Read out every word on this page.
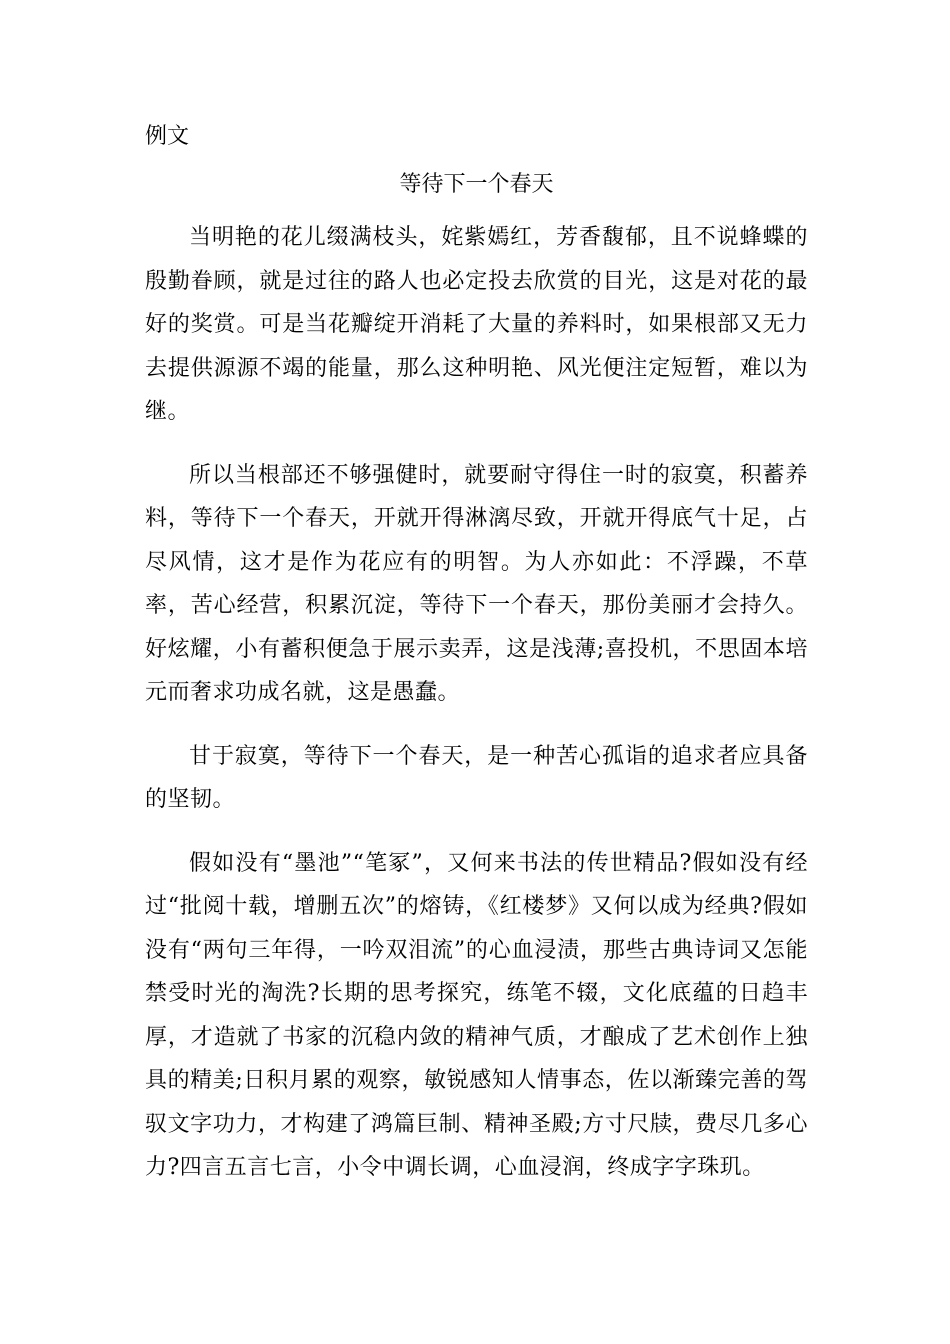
例文
等待下一个春天

当明艳的花儿缀满枝头，姹紫嫣红，芳香馥郁，且不说蜂蝶的殷勤眷顾，就是过往的路人也必定投去欣赏的目光，这是对花的最好的奖赏。可是当花瓣绽开消耗了大量的养料时，如果根部又无力去提供源源不竭的能量，那么这种明艳、风光便注定短暂，难以为继。

所以当根部还不够强健时，就要耐守得住一时的寂寞，积蓄养料，等待下一个春天，开就开得淋漓尽致，开就开得底气十足，占尽风情，这才是作为花应有的明智。为人亦如此：不浮躁，不草率，苦心经营，积累沉淀，等待下一个春天，那份美丽才会持久。好炫耀，小有蓄积便急于展示卖弄，这是浅薄;喜投机，不思固本培元而奢求功成名就，这是愚蠢。

甘于寂寞，等待下一个春天，是一种苦心孤诣的追求者应具备的坚韧。

假如没有“墨池”“笔冢”，又何来书法的传世精品?假如没有经过“批阅十载，增删五次”的熔铸，《红楼梦》又何以成为经典?假如没有“两句三年得，一吟双泪流”的心血浸渍，那些古典诗词又怎能禁受时光的淘洗?长期的思考探究，练笔不辍，文化底蕴的日趋丰厚，才造就了书家的沉稳内敛的精神气质，才酿成了艺术创作上独具的精美;日积月累的观察，敏锐感知人情事态，佐以渐臻完善的驾驭文字功力，才构建了鸿篇巨制、精神圣殿;方寸尺牍，费尽几多心力?四言五言七言，小令中调长调，心血浸润，终成字字珠玑。
